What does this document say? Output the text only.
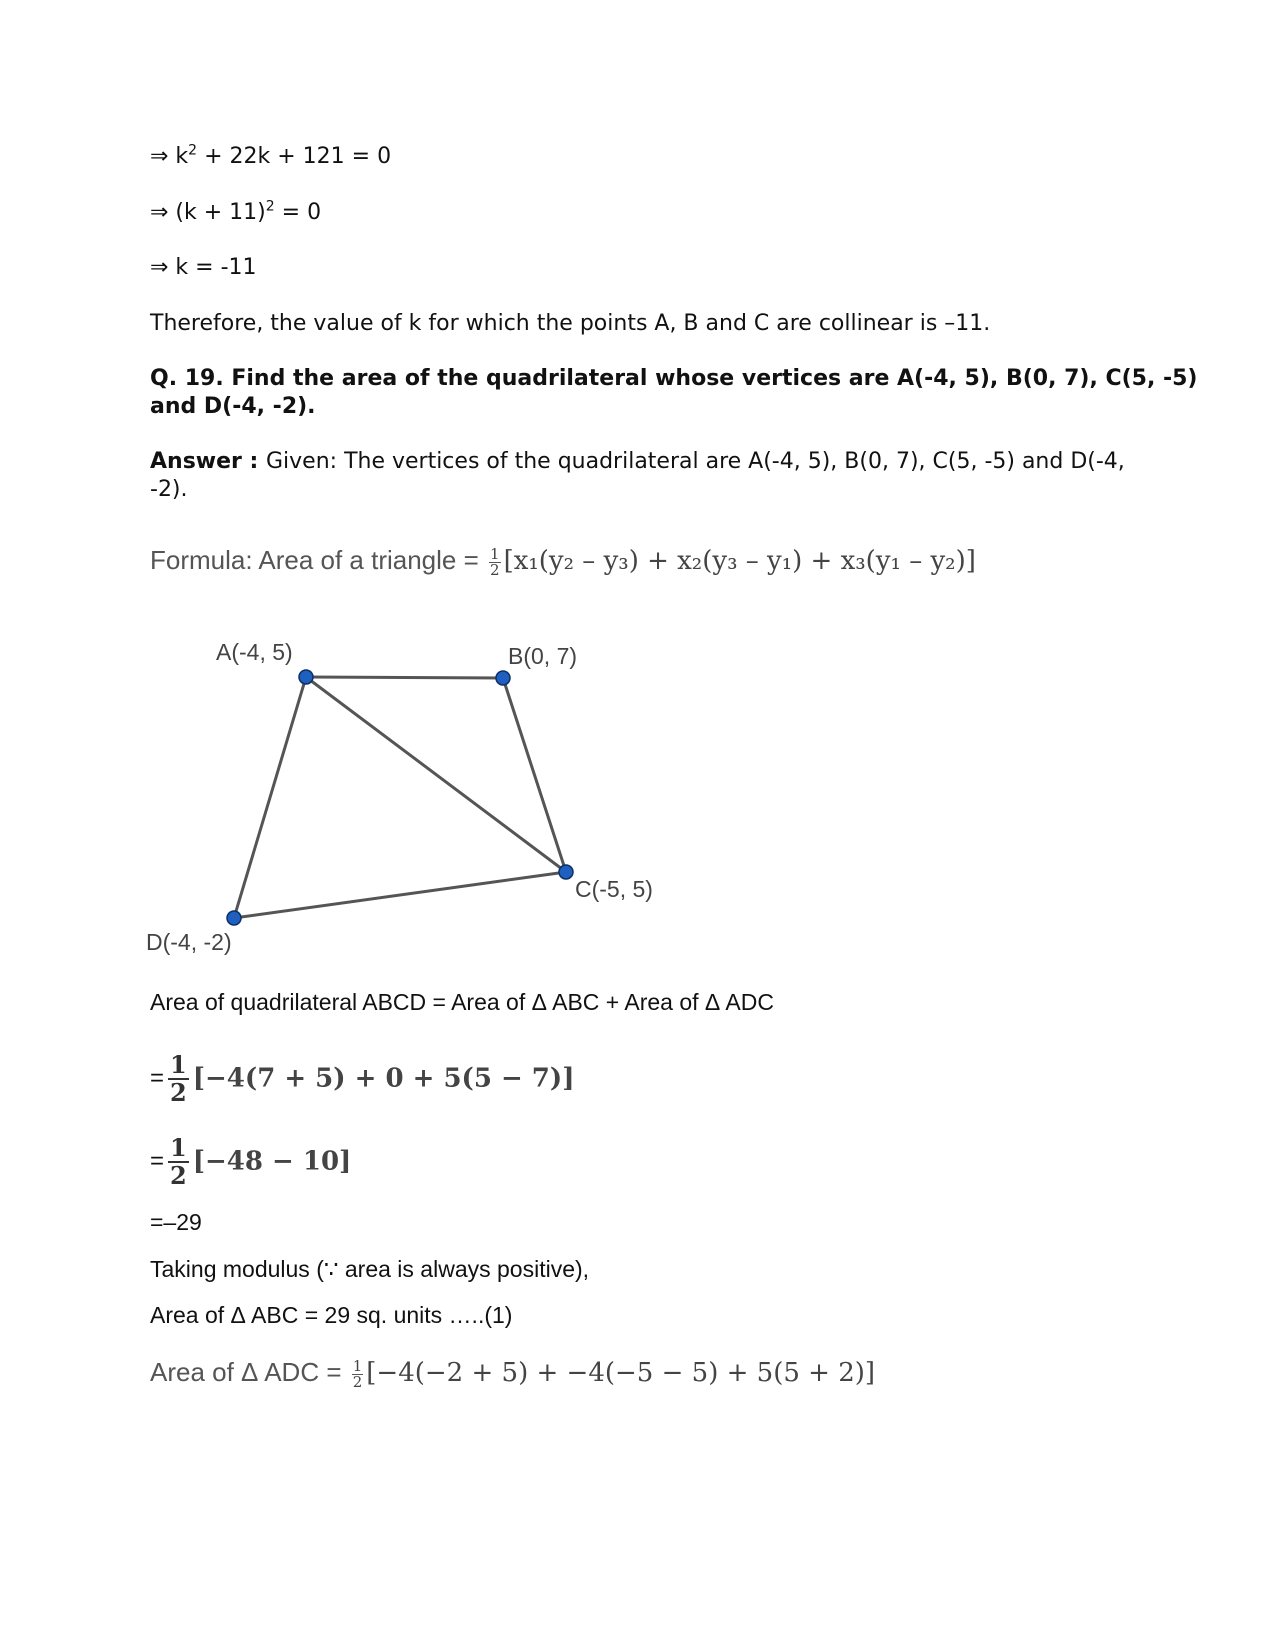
⇒ $k^2 + 22k + 121 = 0$
⇒ $(k + 11)^2 = 0$
⇒ k = -11
Therefore, the value of k for which the points A, B and C are collinear is –11.
Q. 19. Find the area of the quadrilateral whose vertices are A(-4, 5), B(0, 7), C(5, -5)
and D(-4, -2).
Answer : Given: The vertices of the quadrilateral are A(-4, 5), B(0, 7), C(5, -5) and D(-4,
-2).
Formula: Area of a triangle = $\frac{1}{2} [x_1(y_2 - y_3) + x_2(y_3 - y_1) + x_3(y_1 - y_2)]$
A(-4, 5)	B(0, 7)
C(-5, 5)
D(-4, -2)
Area of quadrilateral ABCD = Area of Δ ABC + Area of Δ ADC
= $\frac{1}{2} [-4(7 + 5) + 0 + 5(5 - 7)]$
= $\frac{1}{2} [-48 - 10]$
=–29
Taking modulus (∵ area is always positive),
Area of Δ ABC = 29 sq. units …..(1)
Area of Δ ADC = $\frac{1}{2} [-4(-2 + 5) + -4(-5 - 5) + 5(5 + 2)]$
